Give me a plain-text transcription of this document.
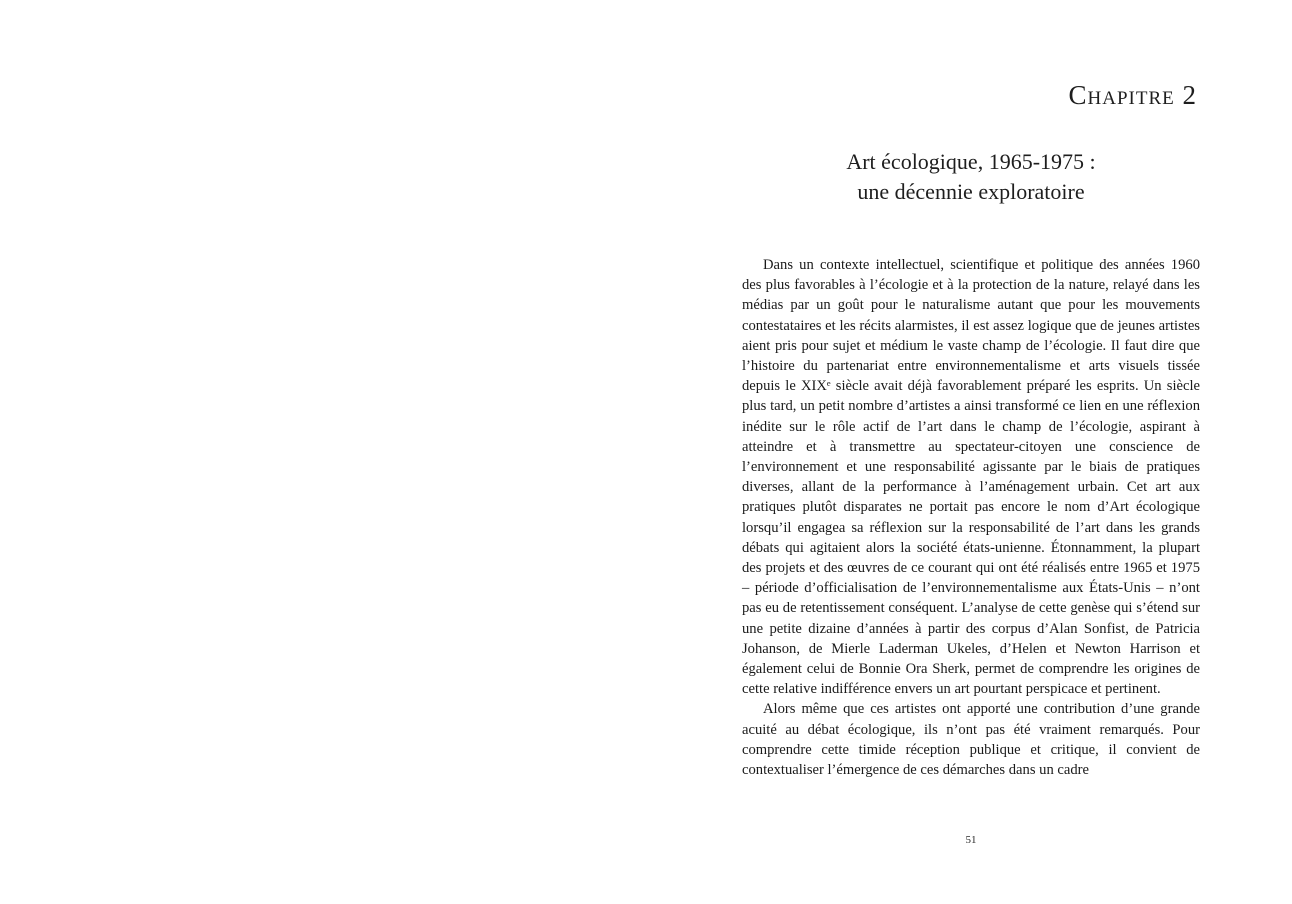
Chapitre 2
Art écologique, 1965-1975 :
une décennie exploratoire

Dans un contexte intellectuel, scientifique et politique des années 1960 des plus favorables à l’écologie et à la protection de la nature, relayé dans les médias par un goût pour le naturalisme autant que pour les mouvements contestataires et les récits alarmistes, il est assez logique que de jeunes artistes aient pris pour sujet et médium le vaste champ de l’écologie. Il faut dire que l’histoire du partenariat entre environnementalisme et arts visuels tissée depuis le XIXᵉ siècle avait déjà favorablement préparé les esprits. Un siècle plus tard, un petit nombre d’artistes a ainsi transformé ce lien en une réflexion inédite sur le rôle actif de l’art dans le champ de l’écologie, aspirant à atteindre et à transmettre au spectateur-citoyen une conscience de l’environnement et une responsabilité agissante par le biais de pratiques diverses, allant de la performance à l’aménagement urbain. Cet art aux pratiques plutôt disparates ne portait pas encore le nom d’Art écologique lorsqu’il engagea sa réflexion sur la responsabilité de l’art dans les grands débats qui agitaient alors la société états-unienne. Étonnamment, la plupart des projets et des œuvres de ce courant qui ont été réalisés entre 1965 et 1975 – période d’officialisation de l’environnementalisme aux États-Unis – n’ont pas eu de retentissement conséquent. L’analyse de cette genèse qui s’étend sur une petite dizaine d’années à partir des corpus d’Alan Sonfist, de Patricia Johanson, de Mierle Laderman Ukeles, d’Helen et Newton Harrison et également celui de Bonnie Ora Sherk, permet de comprendre les origines de cette relative indifférence envers un art pourtant perspicace et pertinent.

Alors même que ces artistes ont apporté une contribution d’une grande acuité au débat écologique, ils n’ont pas été vraiment remarqués. Pour comprendre cette timide réception publique et critique, il convient de contextualiser l’émergence de ces démarches dans un cadre

51
